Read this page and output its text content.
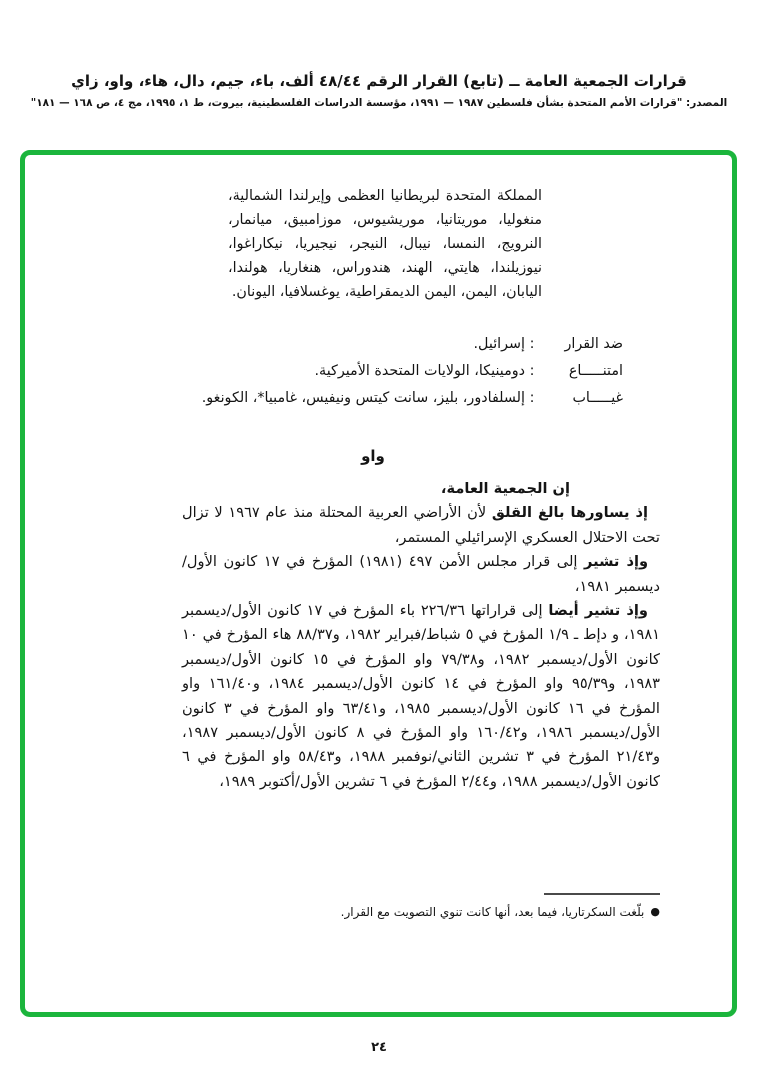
قرارات الجمعية العامة ــ (تابع) القرار الرقم ٤٨/٤٤ ألف، باء، جيم، دال، هاء، واو، زاي
المصدر: "قرارات الأمم المتحدة بشأن فلسطين ١٩٨٧ — ١٩٩١، مؤسسة الدراسات الفلسطينية، بيروت، ط ١، ١٩٩٥، مج ٤، ص ١٦٨ — ١٨١"
المملكة المتحدة لبريطانيا العظمى وإيرلندا الشمالية، منغوليا، موريتانيا، موريشيوس، موزامبيق، ميانمار، النرويج، النمسا، نيبال، النيجر، نيجيريا، نيكاراغوا، نيوزيلندا، هايتي، الهند، هندوراس، هنغاريا، هولندا، اليابان، اليمن، اليمن الديمقراطية، يوغسلافيا، اليونان.
ضد القرار
:
إسرائيل.
امتنـــــاع
:
دومينيكا، الولايات المتحدة الأميركية.
غيـــــاب
:
إلسلفادور، بليز، سانت كيتس ونيفيس، غامبيا*، الكونغو.
واو

إن الجمعية العامة،

إذ يساورها بالغ القلق لأن الأراضي العربية المحتلة منذ عام ١٩٦٧ لا تزال تحت الاحتلال العسكري الإسرائيلي المستمر،

وإذ تشير إلى قرار مجلس الأمن ٤٩٧ (١٩٨١) المؤرخ في ١٧ كانون الأول/ديسمبر ١٩٨١،

وإذ تشير أيضا إلى قراراتها ٢٢٦/٣٦ باء المؤرخ في ١٧ كانون الأول/ديسمبر ١٩٨١، و دإط ـ ١/٩ المؤرخ في ٥ شباط/فبراير ١٩٨٢، و٨٨/٣٧ هاء المؤرخ في ١٠ كانون الأول/ديسمبر ١٩٨٢، و٧٩/٣٨ واو المؤرخ في ١٥ كانون الأول/ديسمبر ١٩٨٣، و٩٥/٣٩ واو المؤرخ في ١٤ كانون الأول/ديسمبر ١٩٨٤، و١٦١/٤٠ واو المؤرخ في ١٦ كانون الأول/ديسمبر ١٩٨٥، و٦٣/٤١ واو المؤرخ في ٣ كانون الأول/ديسمبر ١٩٨٦، و١٦٠/٤٢ واو المؤرخ في ٨ كانون الأول/ديسمبر ١٩٨٧، و٢١/٤٣ المؤرخ في ٣ تشرين الثاني/نوفمبر ١٩٨٨، و٥٨/٤٣ واو المؤرخ في ٦ كانون الأول/ديسمبر ١٩٨٨، و٢/٤٤ المؤرخ في ٦ تشرين الأول/أكتوبر ١٩٨٩،

●
بلّغت السكرتاريا، فيما بعد، أنها كانت تنوي التصويت مع القرار.
٢٤
